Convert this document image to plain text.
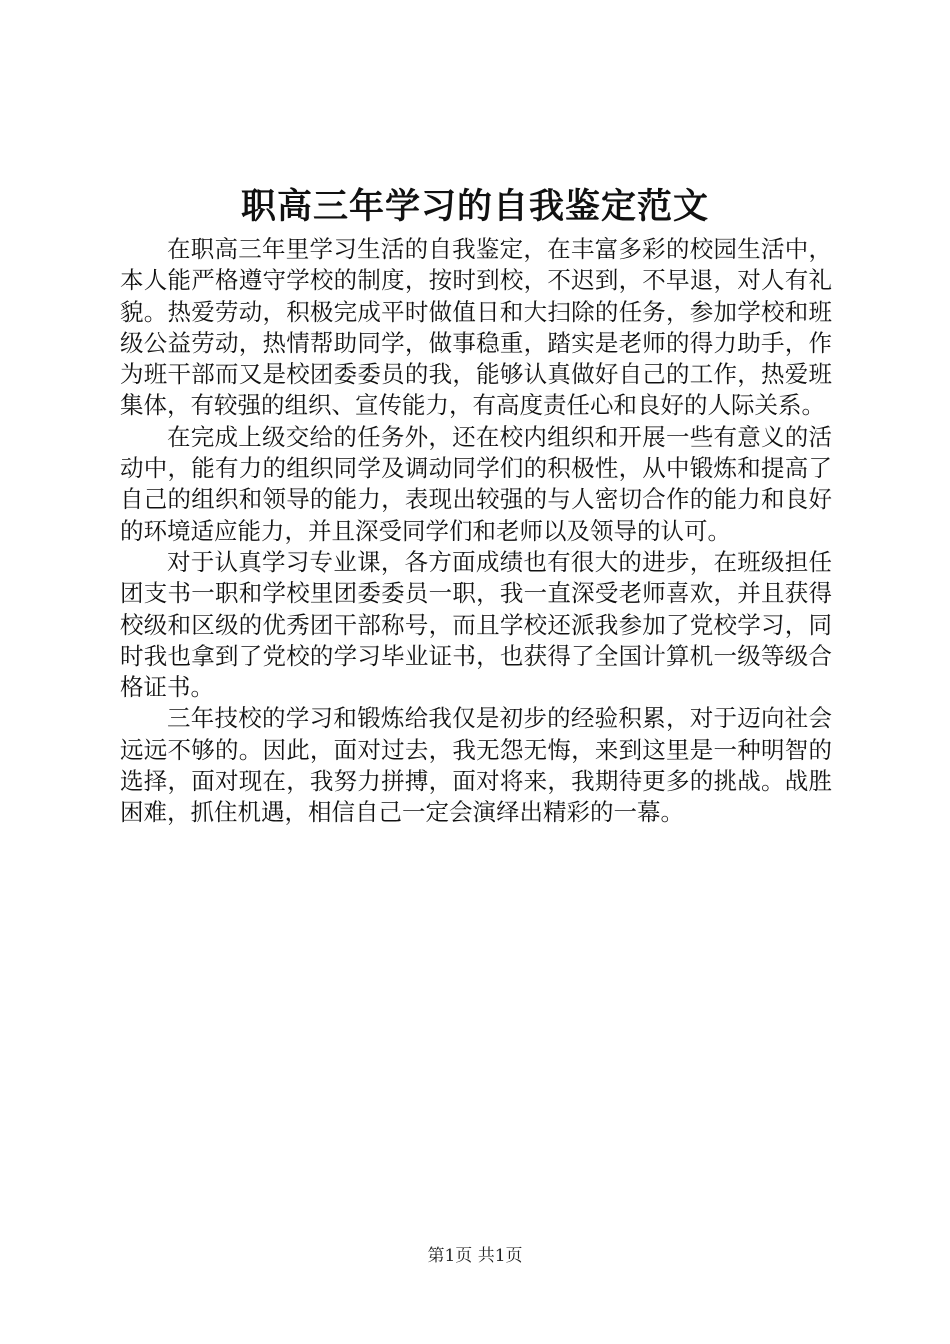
职高三年学习的自我鉴定范文

在职高三年里学习生活的自我鉴定，在丰富多彩的校园生活中，本人能严格遵守学校的制度，按时到校，不迟到，不早退，对人有礼貌。热爱劳动，积极完成平时做值日和大扫除的任务，参加学校和班级公益劳动，热情帮助同学，做事稳重，踏实是老师的得力助手，作为班干部而又是校团委委员的我，能够认真做好自己的工作，热爱班集体，有较强的组织、宣传能力，有高度责任心和良好的人际关系。

在完成上级交给的任务外，还在校内组织和开展一些有意义的活动中，能有力的组织同学及调动同学们的积极性，从中锻炼和提高了自己的组织和领导的能力，表现出较强的与人密切合作的能力和良好的环境适应能力，并且深受同学们和老师以及领导的认可。

对于认真学习专业课，各方面成绩也有很大的进步，在班级担任团支书一职和学校里团委委员一职，我一直深受老师喜欢，并且获得校级和区级的优秀团干部称号，而且学校还派我参加了党校学习，同时我也拿到了党校的学习毕业证书，也获得了全国计算机一级等级合格证书。

三年技校的学习和锻炼给我仅是初步的经验积累，对于迈向社会远远不够的。因此，面对过去，我无怨无悔，来到这里是一种明智的选择，面对现在，我努力拼搏，面对将来，我期待更多的挑战。战胜困难，抓住机遇，相信自己一定会演绎出精彩的一幕。

第1页 共1页
